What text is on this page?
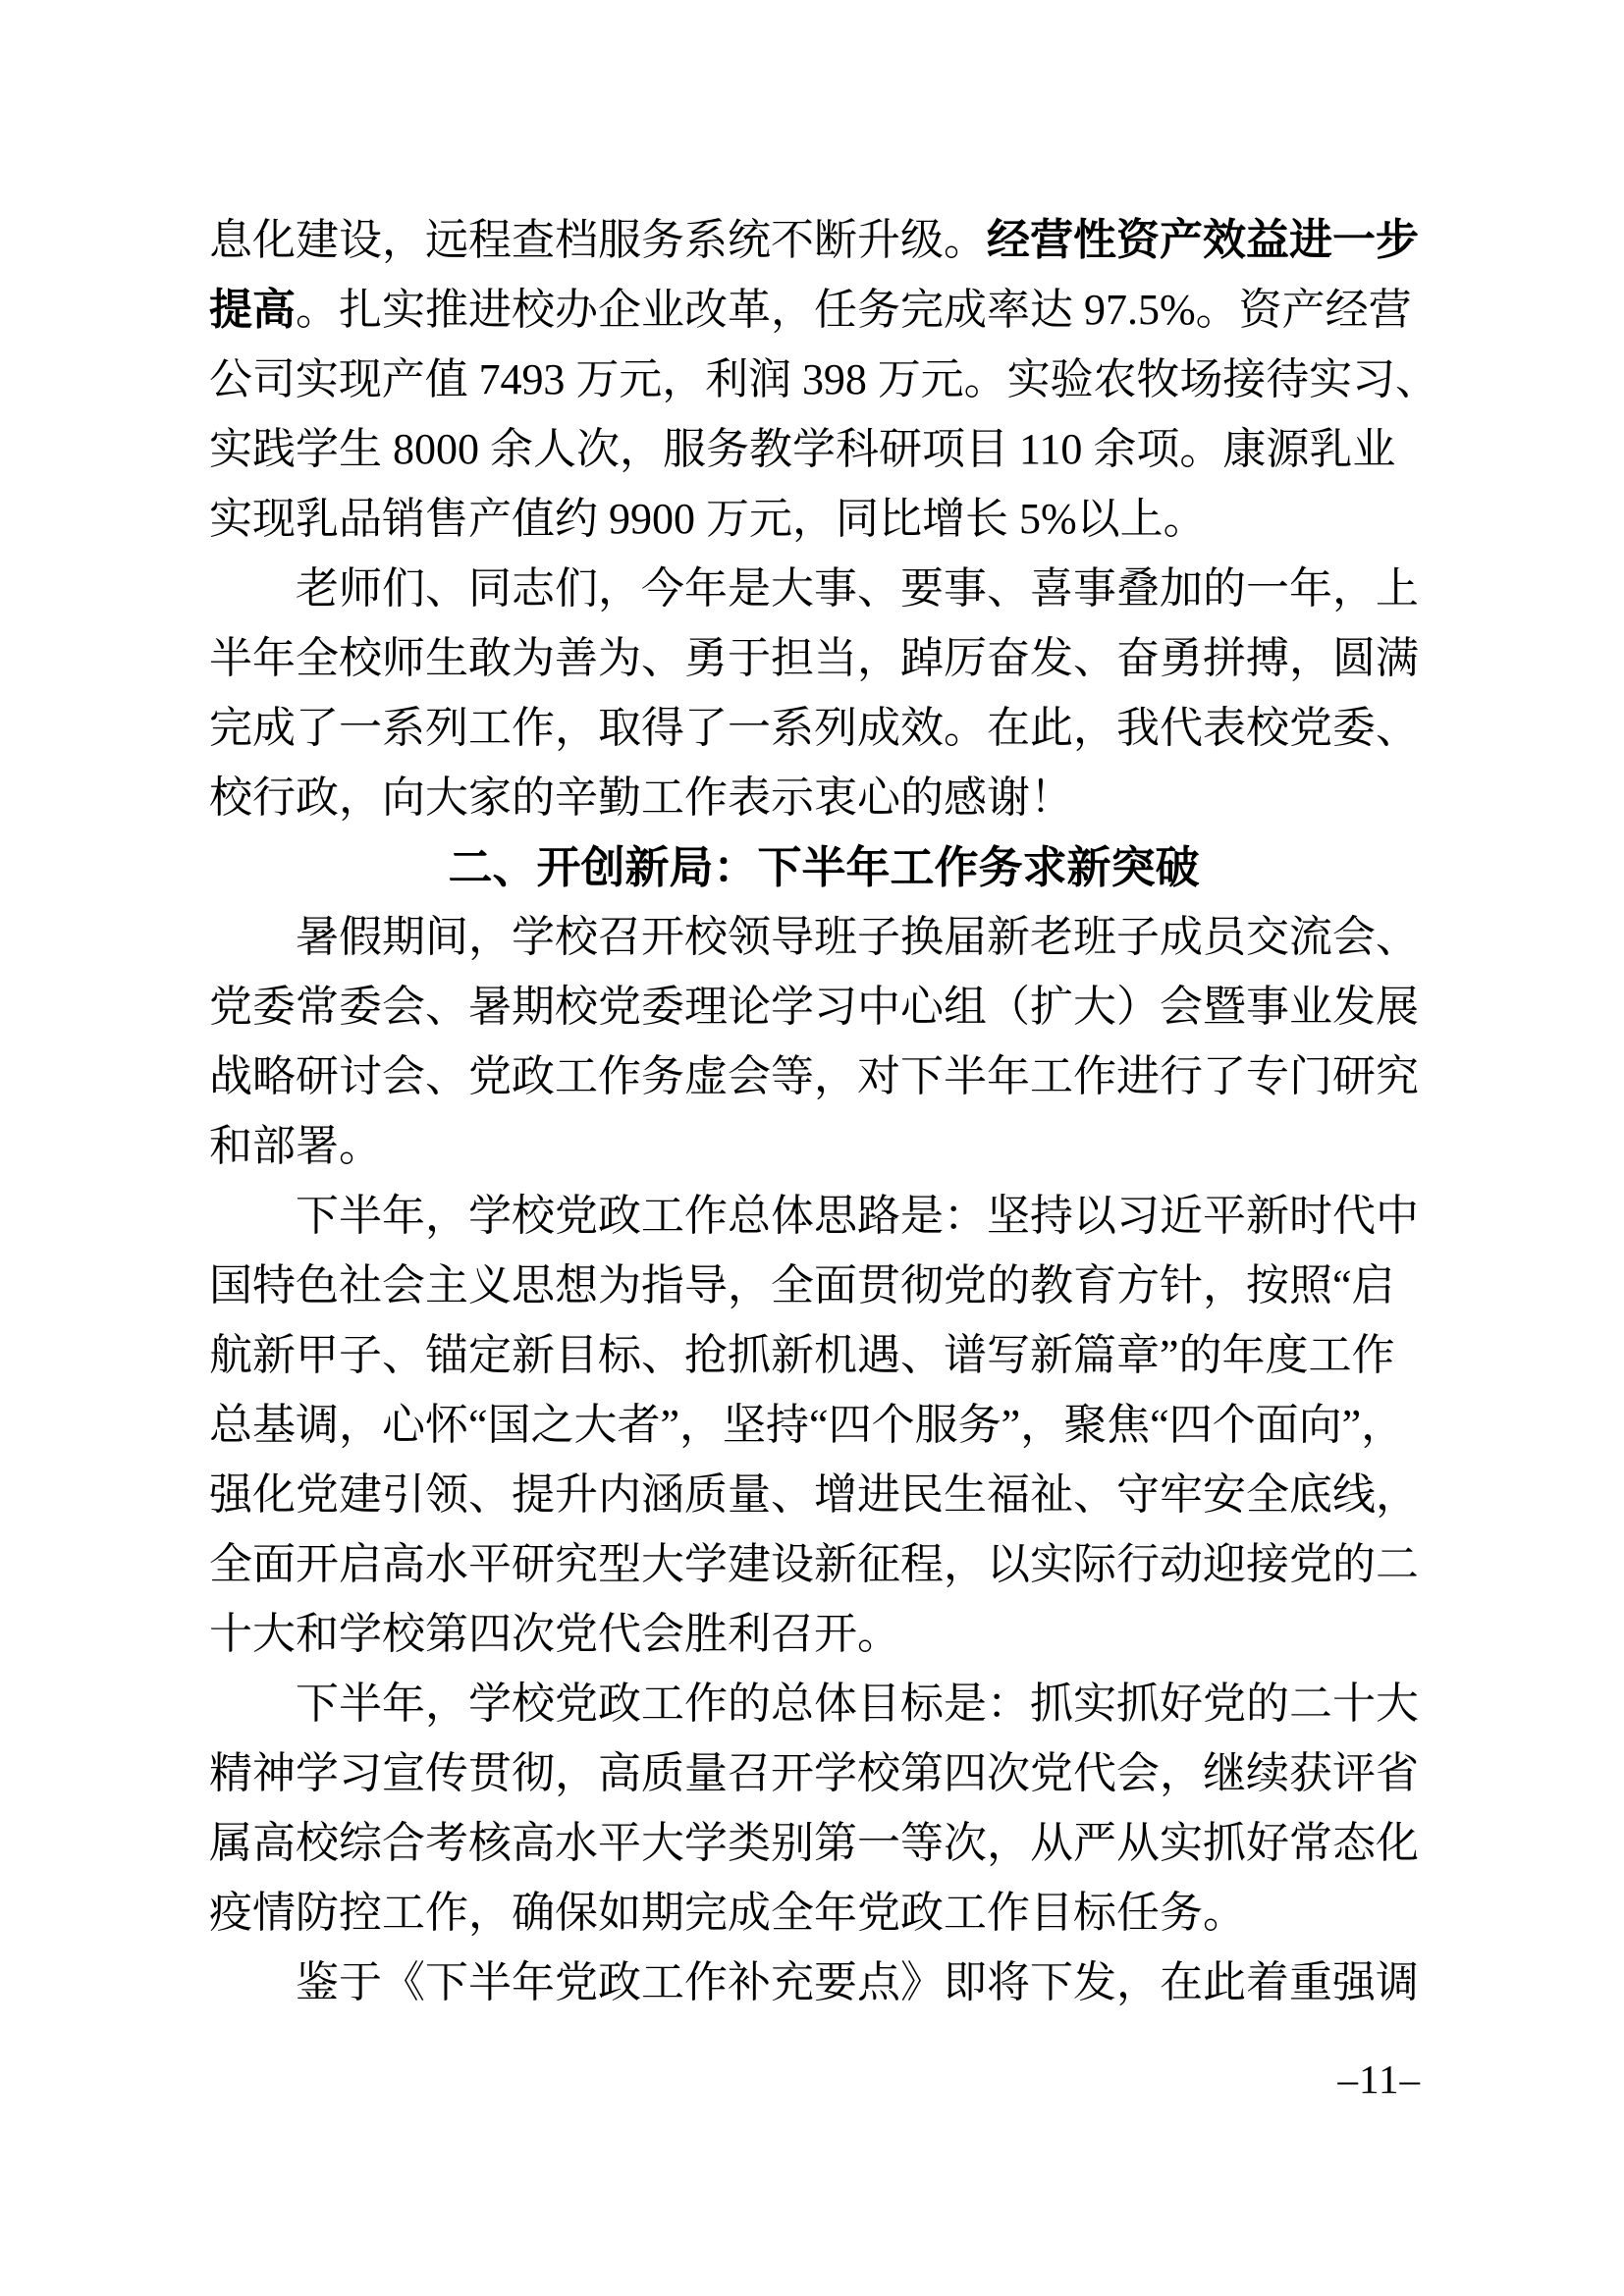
息化建设，远程查档服务系统不断升级。经营性资产效益进一步
提高。扎实推进校办企业改革，任务完成率达 97.5%。资产经营
公司实现产值 7493 万元，利润 398 万元。实验农牧场接待实习、
实践学生 8000 余人次，服务教学科研项目 110 余项。康源乳业
实现乳品销售产值约 9900 万元，同比增长 5%以上。
老师们、同志们，今年是大事、要事、喜事叠加的一年，上
半年全校师生敢为善为、勇于担当，踔厉奋发、奋勇拼搏，圆满
完成了一系列工作，取得了一系列成效。在此，我代表校党委、
校行政，向大家的辛勤工作表示衷心的感谢！
二、开创新局：下半年工作务求新突破
暑假期间，学校召开校领导班子换届新老班子成员交流会、
党委常委会、暑期校党委理论学习中心组（扩大）会暨事业发展
战略研讨会、党政工作务虚会等，对下半年工作进行了专门研究
和部署。
下半年，学校党政工作总体思路是：坚持以习近平新时代中
国特色社会主义思想为指导，全面贯彻党的教育方针，按照“启
航新甲子、锚定新目标、抢抓新机遇、谱写新篇章”的年度工作
总基调，心怀“国之大者”，坚持“四个服务”，聚焦“四个面向”，
强化党建引领、提升内涵质量、增进民生福祉、守牢安全底线，
全面开启高水平研究型大学建设新征程，以实际行动迎接党的二
十大和学校第四次党代会胜利召开。
下半年，学校党政工作的总体目标是：抓实抓好党的二十大
精神学习宣传贯彻，高质量召开学校第四次党代会，继续获评省
属高校综合考核高水平大学类别第一等次，从严从实抓好常态化
疫情防控工作，确保如期完成全年党政工作目标任务。
鉴于《下半年党政工作补充要点》即将下发，在此着重强调
–11–
